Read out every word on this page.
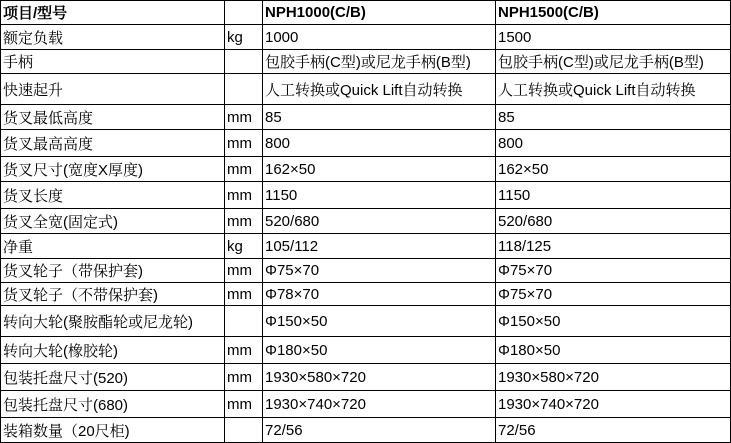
项目/型号		NPH1000(C/B)	NPH1500(C/B)
额定负载	kg	1000	1500
手柄		包胶手柄(C型)或尼龙手柄(B型)	包胶手柄(C型)或尼龙手柄(B型)
快速起升		人工转换或Quick Lift自动转换	人工转换或Quick Lift自动转换
货叉最低高度	mm	85	85
货叉最高高度	mm	800	800
货叉尺寸(宽度X厚度)	mm	162×50	162×50
货叉长度	mm	1150	1150
货叉全宽(固定式)	mm	520/680	520/680
净重	kg	105/112	118/125
货叉轮子（带保护套)	mm	Φ75×70	Φ75×70
货叉轮子（不带保护套)	mm	Φ78×70	Φ75×70
转向大轮(聚胺酯轮或尼龙轮)		Φ150×50	Φ150×50
转向大轮(橡胶轮)	mm	Φ180×50	Φ180×50
包装托盘尺寸(520)	mm	1930×580×720	1930×580×720
包装托盘尺寸(680)	mm	1930×740×720	1930×740×720
装箱数量（20尺柜)		72/56	72/56
